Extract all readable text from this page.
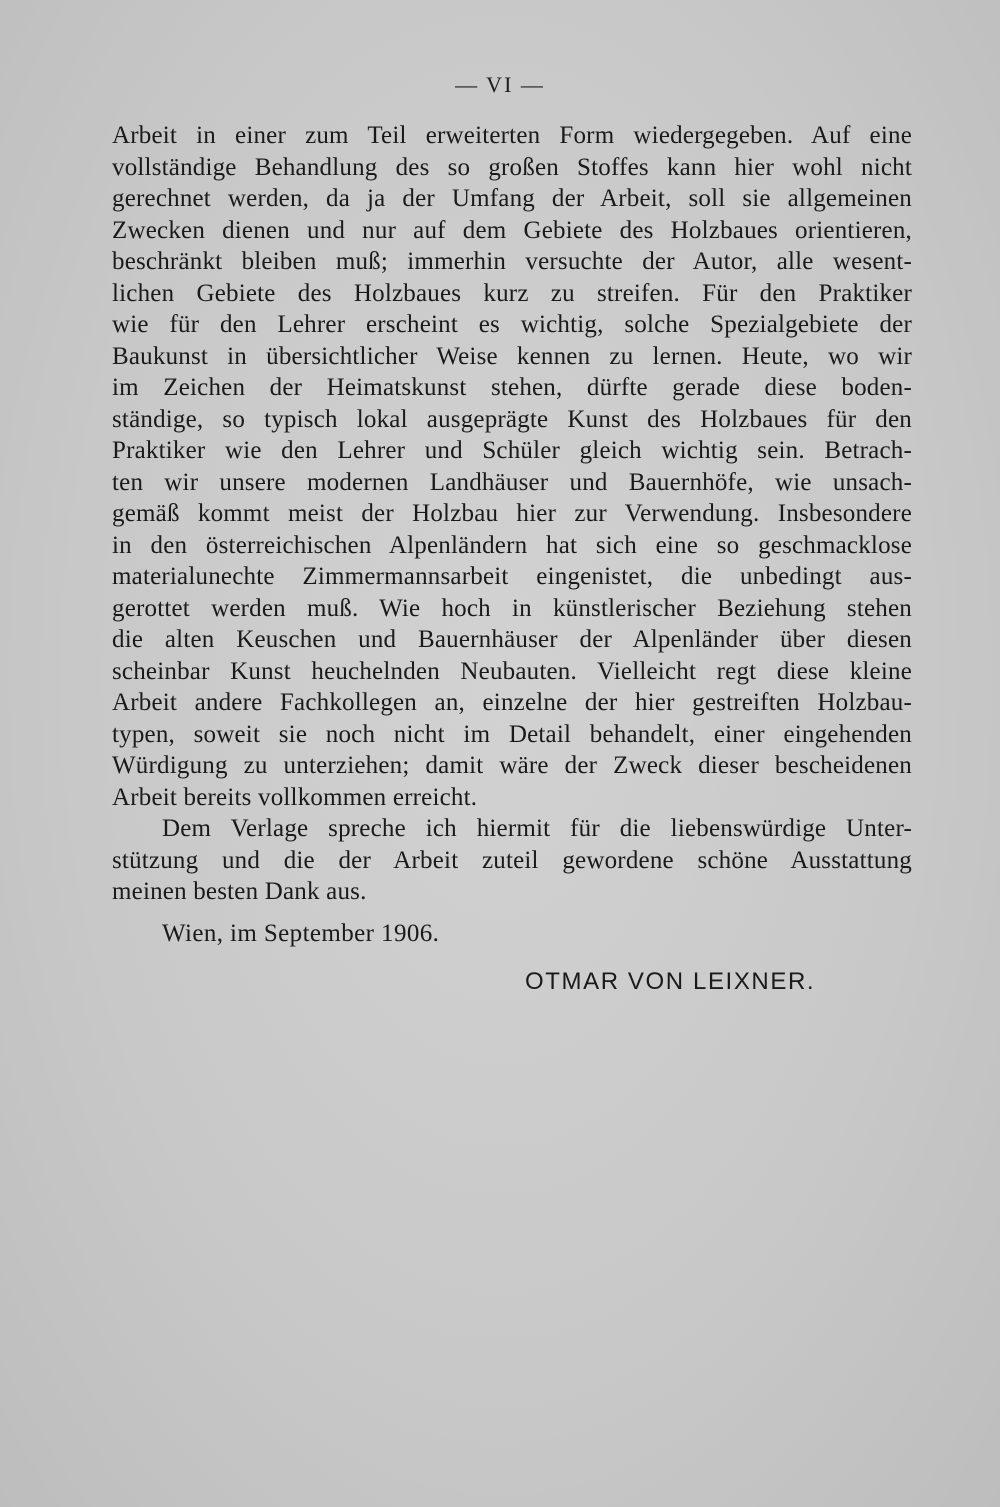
— VI —
Arbeit in einer zum Teil erweiterten Form wiedergegeben. Auf eine
vollständige Behandlung des so großen Stoffes kann hier wohl nicht
gerechnet werden, da ja der Umfang der Arbeit, soll sie allgemeinen
Zwecken dienen und nur auf dem Gebiete des Holzbaues orientieren,
beschränkt bleiben muß; immerhin versuchte der Autor, alle wesent-
lichen Gebiete des Holzbaues kurz zu streifen. Für den Praktiker
wie für den Lehrer erscheint es wichtig, solche Spezialgebiete der
Baukunst in übersichtlicher Weise kennen zu lernen. Heute, wo wir
im Zeichen der Heimatskunst stehen, dürfte gerade diese boden-
ständige, so typisch lokal ausgeprägte Kunst des Holzbaues für den
Praktiker wie den Lehrer und Schüler gleich wichtig sein. Betrach-
ten wir unsere modernen Landhäuser und Bauernhöfe, wie unsach-
gemäß kommt meist der Holzbau hier zur Verwendung. Insbesondere
in den österreichischen Alpenländern hat sich eine so geschmacklose
materialunechte Zimmermannsarbeit eingenistet, die unbedingt aus-
gerottet werden muß. Wie hoch in künstlerischer Beziehung stehen
die alten Keuschen und Bauernhäuser der Alpenländer über diesen
scheinbar Kunst heuchelnden Neubauten. Vielleicht regt diese kleine
Arbeit andere Fachkollegen an, einzelne der hier gestreiften Holzbau-
typen, soweit sie noch nicht im Detail behandelt, einer eingehenden
Würdigung zu unterziehen; damit wäre der Zweck dieser bescheidenen
Arbeit bereits vollkommen erreicht.
Dem Verlage spreche ich hiermit für die liebenswürdige Unter-
stützung und die der Arbeit zuteil gewordene schöne Ausstattung
meinen besten Dank aus.
Wien, im September 1906.
OTMAR VON LEIXNER.
